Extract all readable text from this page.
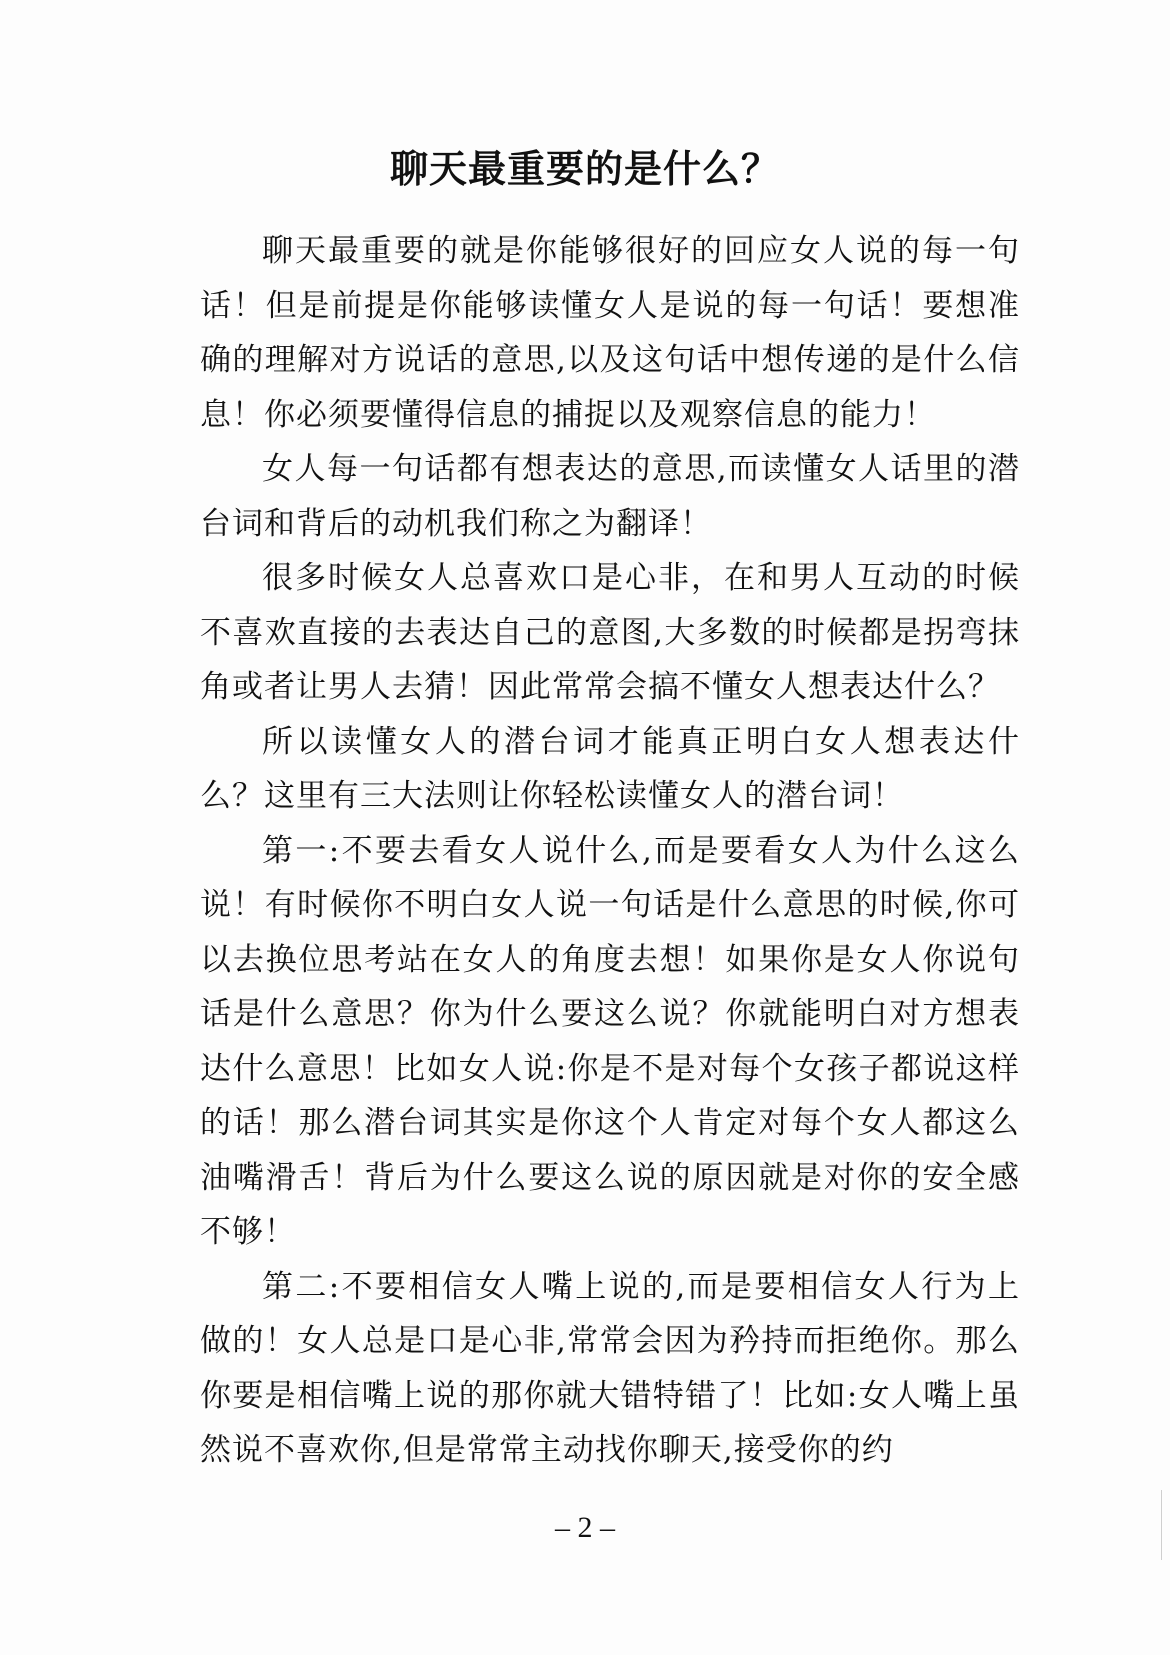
聊天最重要的是什么？

聊天最重要的就是你能够很好的回应女人说的每一句话！但是前提是你能够读懂女人是说的每一句话！要想准确的理解对方说话的意思,以及这句话中想传递的是什么信息！你必须要懂得信息的捕捉以及观察信息的能力！

女人每一句话都有想表达的意思,而读懂女人话里的潜台词和背后的动机我们称之为翻译！

很多时候女人总喜欢口是心非，在和男人互动的时候不喜欢直接的去表达自己的意图,大多数的时候都是拐弯抹角或者让男人去猜！因此常常会搞不懂女人想表达什么？

所以读懂女人的潜台词才能真正明白女人想表达什么？这里有三大法则让你轻松读懂女人的潜台词！

第一:不要去看女人说什么,而是要看女人为什么这么说！有时候你不明白女人说一句话是什么意思的时候,你可以去换位思考站在女人的角度去想！如果你是女人你说句话是什么意思？你为什么要这么说？你就能明白对方想表达什么意思！比如女人说:你是不是对每个女孩子都说这样的话！那么潜台词其实是你这个人肯定对每个女人都这么油嘴滑舌！背后为什么要这么说的原因就是对你的安全感不够！

第二:不要相信女人嘴上说的,而是要相信女人行为上做的！女人总是口是心非,常常会因为矜持而拒绝你。那么你要是相信嘴上说的那你就大错特错了！比如:女人嘴上虽然说不喜欢你,但是常常主动找你聊天,接受你的约

– 2 –
